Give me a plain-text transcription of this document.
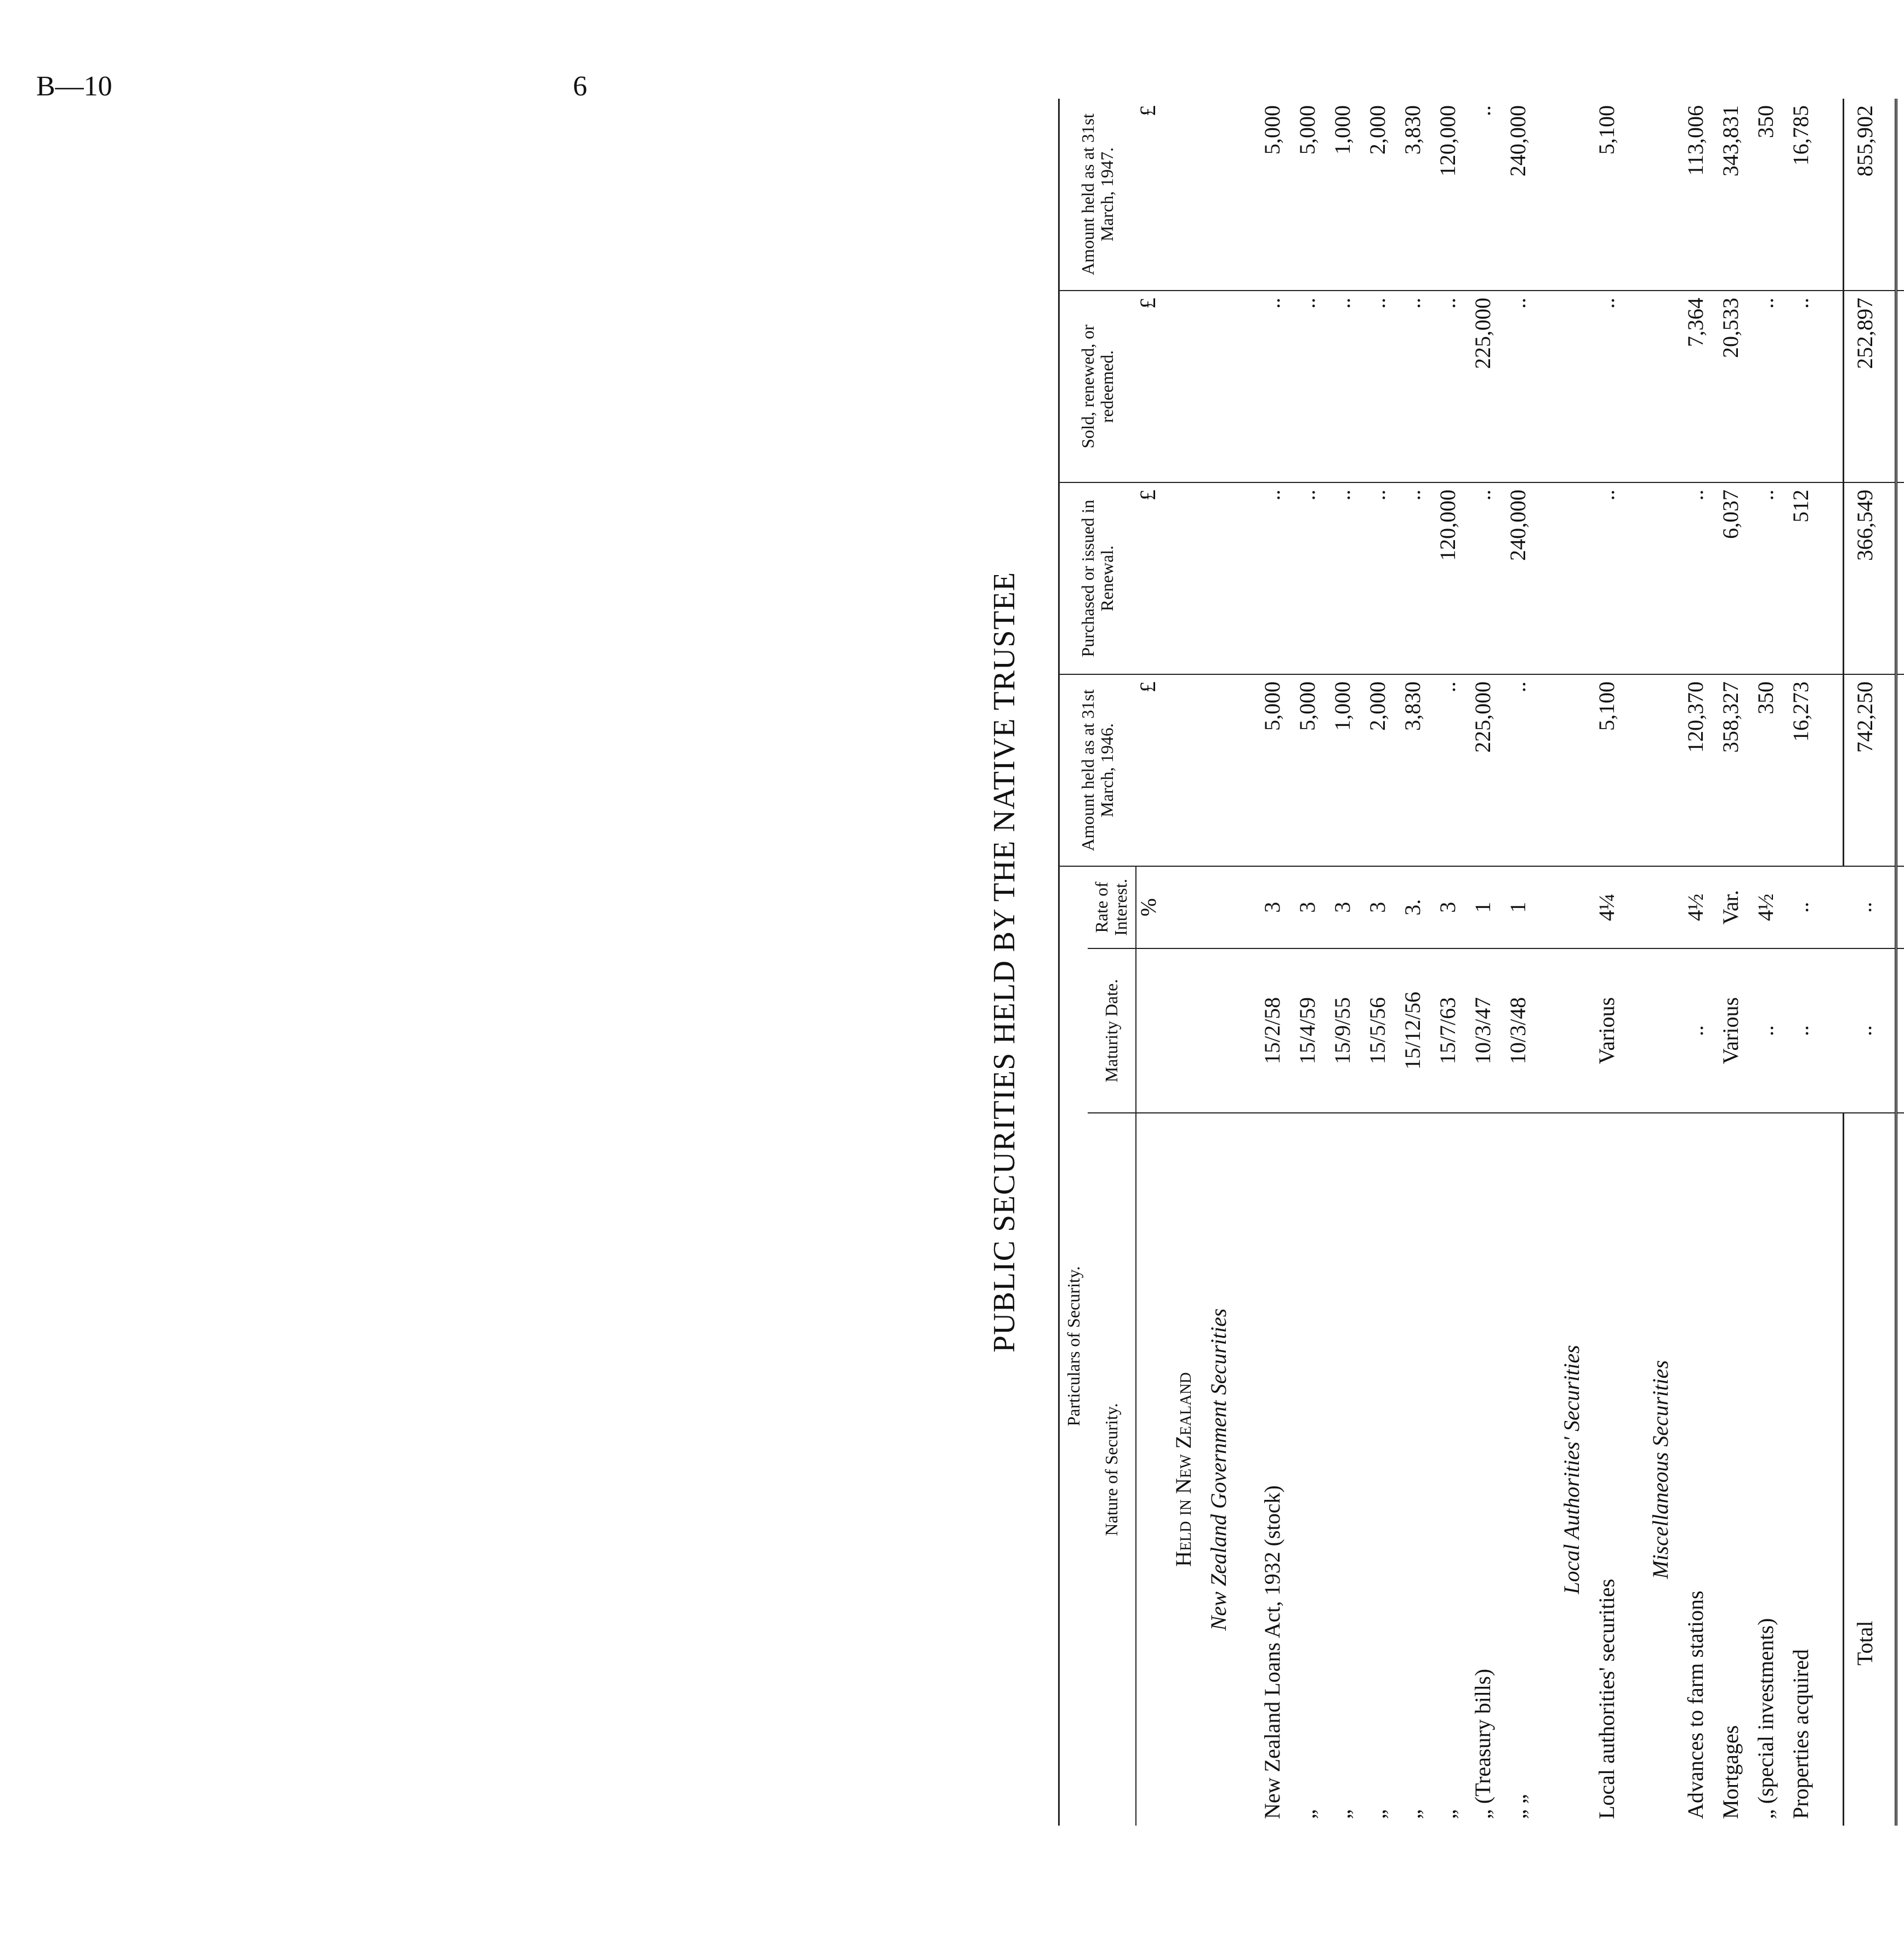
B—10	6
PUBLIC SECURITIES HELD BY THE NATIVE TRUSTEE Particulars of Security.			Amount held as at 31st March, 1946.	Purchased or issued in Renewal.	Sold, renewed, or redeemed.	Amount held as at 31st March, 1947.
Nature of Security.	Maturity Date.	Rate of Interest.				
		%	£	£	£	£
Held in New Zealand						
New Zealand Government Securities						

New Zealand Loans Act, 1932 (stock)	15/2/58	3	5,000	..	..	5,000
„	15/4/59	3	5,000	..	..	5,000
„	15/9/55	3	1,000	..	..	1,000
„	15/5/56	3	2,000	..	..	2,000
„	15/12/56	3.	3,830	..	..	3,830
„	15/7/63	3	..	120,000	..	120,000
„ (Treasury bills)	10/3/47	1	225,000	..	225,000	..
„ „	10/3/48	1	..	240,000	..	240,000

Local Authorities' Securities						
Local authorities' securities	Various	4¼	5,100	..	..	5,100

Miscellaneous Securities						
Advances to farm stations	..	4½	120,370	..	7,364	113,006
Mortgages	Various	Var.	358,327	6,037	20,533	343,831
„ (special investments)	..	4½	350	..	..	350
Properties acquired	..	..	16,273	512	..	16,785

Total	..	..	742,250	366,549	252,897	855,902
